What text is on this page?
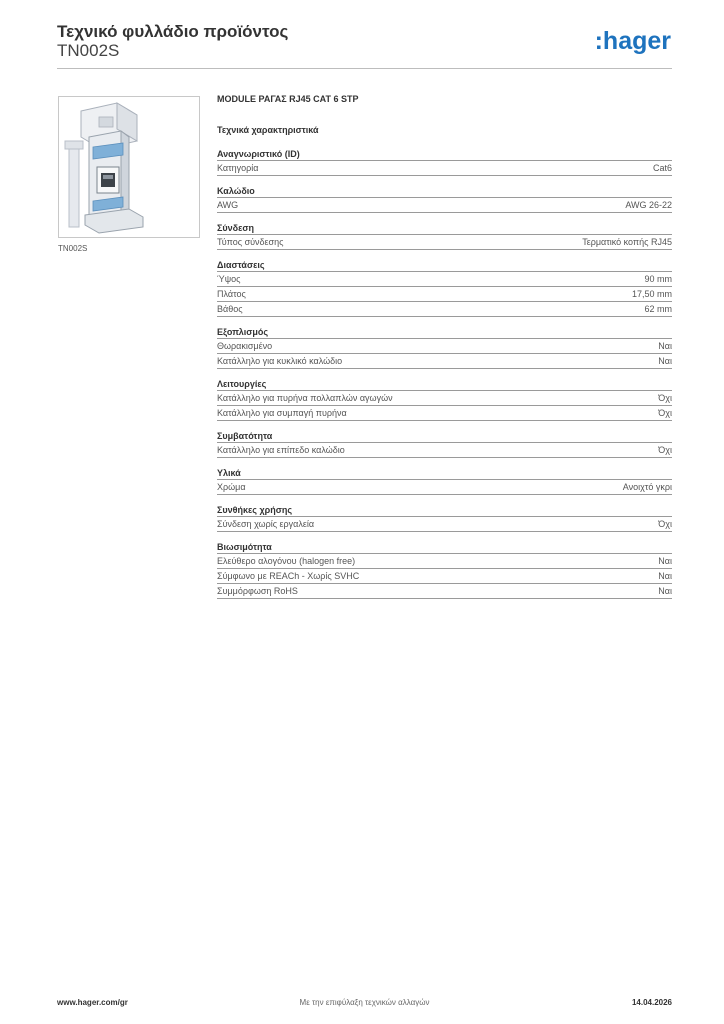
Τεχνικό φυλλάδιο προϊόντος
TN002S	:hager
TN002S
MODULE ΡΑΓΑΣ RJ45 CAT 6 STP
Τεχνικά χαρακτηριστικά
Αναγνωριστικό (ID)
Κατηγορία	Cat6
Καλώδιο
AWG	AWG 26-22
Σύνδεση
Τύπος σύνδεσης	Τερματικό κοπής RJ45
Διαστάσεις
Ύψος	90 mm
Πλάτος	17,50 mm
Βάθος	62 mm
Εξοπλισμός
Θωρακισμένο	Ναι
Κατάλληλο για κυκλικό καλώδιο	Ναι
Λειτουργίες
Κατάλληλο για πυρήνα πολλαπλών αγωγών	Όχι
Κατάλληλο για συμπαγή πυρήνα	Όχι
Συμβατότητα
Κατάλληλο για επίπεδο καλώδιο	Όχι
Υλικά
Χρώμα	Ανοιχτό γκρι
Συνθήκες χρήσης
Σύνδεση χωρίς εργαλεία	Όχι
Βιωσιμότητα
Ελεύθερο αλογόνου (halogen free)	Ναι
Σύμφωνο με REACh - Χωρίς SVHC	Ναι
Συμμόρφωση RoHS	Ναι
www.hager.com/gr	Με την επιφύλαξη τεχνικών αλλαγών	14.04.2026
